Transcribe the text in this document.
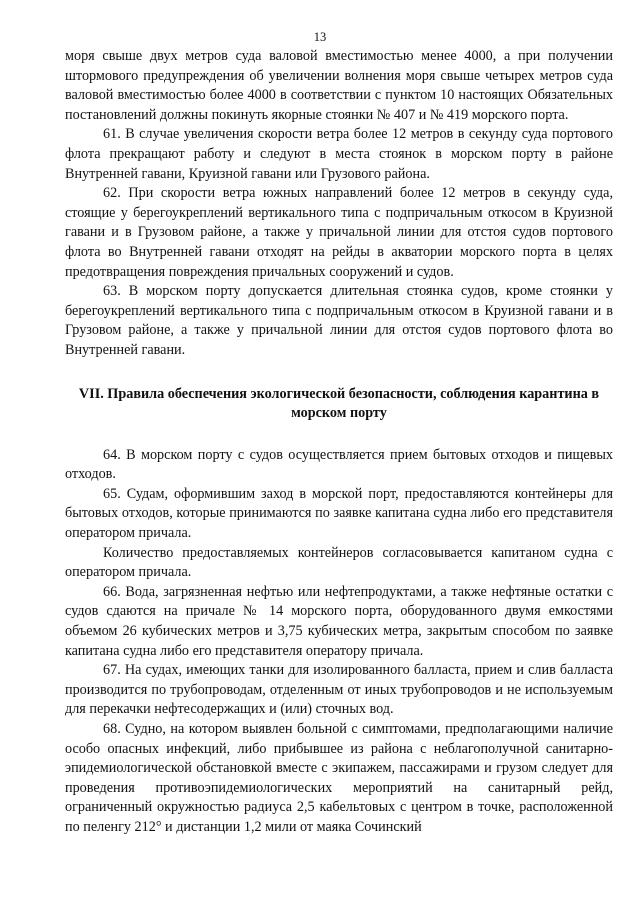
13

моря свыше двух метров суда валовой вместимостью менее 4000, а при получении штормового предупреждения об увеличении волнения моря свыше четырех метров суда валовой вместимостью более 4000 в соответствии с пунктом 10 настоящих Обязательных постановлений должны покинуть якорные стоянки № 407 и № 419 морского порта.

61. В случае увеличения скорости ветра более 12 метров в секунду суда портового флота прекращают работу и следуют в места стоянок в морском порту в районе Внутренней гавани, Круизной гавани или Грузового района.

62. При скорости ветра южных направлений более 12 метров в секунду суда, стоящие у берегоукреплений вертикального типа с подпричальным откосом в Круизной гавани и в Грузовом районе, а также у причальной линии для отстоя судов портового флота во Внутренней гавани отходят на рейды в акватории морского порта в целях предотвращения повреждения причальных сооружений и судов.

63. В морском порту допускается длительная стоянка судов, кроме стоянки у берегоукреплений вертикального типа с подпричальным откосом в Круизной гавани и в Грузовом районе, а также у причальной линии для отстоя судов портового флота во Внутренней гавани.

VII. Правила обеспечения экологической безопасности, соблюдения карантина в морском порту

64. В морском порту с судов осуществляется прием бытовых отходов и пищевых отходов.

65. Судам, оформившим заход в морской порт, предоставляются контейнеры для бытовых отходов, которые принимаются по заявке капитана судна либо его представителя оператором причала.

Количество предоставляемых контейнеров согласовывается капитаном судна с оператором причала.

66. Вода, загрязненная нефтью или нефтепродуктами, а также нефтяные остатки с судов сдаются на причале № 14 морского порта, оборудованного двумя емкостями объемом 26 кубических метров и 3,75 кубических метра, закрытым способом по заявке капитана судна либо его представителя оператору причала.

67. На судах, имеющих танки для изолированного балласта, прием и слив балласта производится по трубопроводам, отделенным от иных трубопроводов и не используемым для перекачки нефтесодержащих и (или) сточных вод.

68. Судно, на котором выявлен больной с симптомами, предполагающими наличие особо опасных инфекций, либо прибывшее из района с неблагополучной санитарно-эпидемиологической обстановкой вместе с экипажем, пассажирами и грузом следует для проведения противоэпидемиологических мероприятий на санитарный рейд, ограниченный окружностью радиуса 2,5 кабельтовых с центром в точке, расположенной по пеленгу 212° и дистанции 1,2 мили от маяка Сочинский
